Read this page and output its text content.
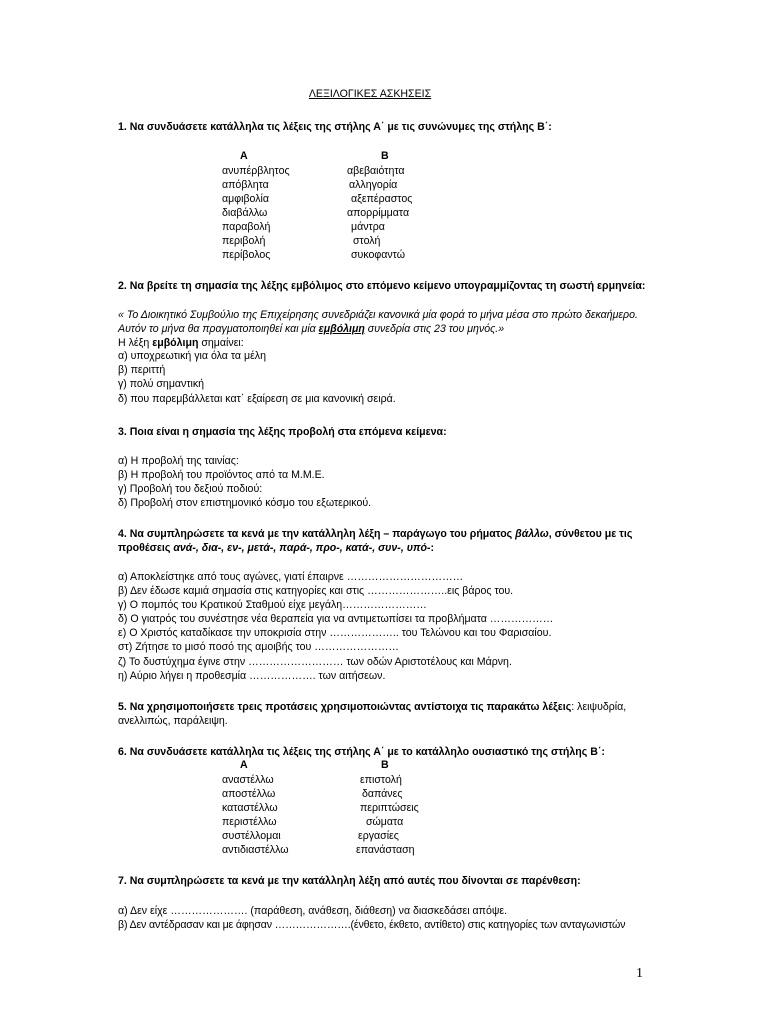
ΛΕΞΙΛΟΓΙΚΕΣ ΑΣΚΗΣΕΙΣ
1. Να συνδυάσετε κατάλληλα τις λέξεις της στήλης Α΄ με τις συνώνυμες της στήλης Β΄:
Α	Β
ανυπέρβλητος
απόβλητα
αμφιβολία
διαβάλλω
παραβολή
περιβολή
περίβολος
αβεβαιότητα
αλληγορία
αξεπέραστος
απορρίμματα
μάντρα
στολή
συκοφαντώ
2. Να βρείτε τη σημασία της λέξης εμβόλιμος στο επόμενο κείμενο υπογραμμίζοντας τη σωστή ερμηνεία:
« Το Διοικητικό Συμβούλιο της Επιχείρησης συνεδριάζει κανονικά μία φορά το μήνα μέσα στο πρώτο δεκαήμερο.
Αυτόν το μήνα θα πραγματοποιηθεί και μία εμβόλιμη συνεδρία στις 23 του μηνός.»
Η λέξη εμβόλιμη σημαίνει:
α) υποχρεωτική για όλα τα μέλη
β) περιττή
γ) πολύ σημαντική
δ) που παρεμβάλλεται κατ΄ εξαίρεση σε μια κανονική σειρά.
3. Ποια είναι η σημασία της λέξης προβολή στα επόμενα κείμενα:
α) Η προβολή της ταινίας:
β) Η προβολή του προϊόντος από τα Μ.Μ.Ε.
γ) Προβολή του δεξιού ποδιού:
δ) Προβολή στον επιστημονικό κόσμο του εξωτερικού.
4. Να συμπληρώσετε τα κενά με την κατάλληλη λέξη – παράγωγο του ρήματος βάλλω, σύνθετου με τις
προθέσεις ανά-, δια-, εν-, μετά-, παρά-, προ-, κατά-, συν-, υπό-:
α) Αποκλείστηκε από τους αγώνες, γιατί έπαιρνε ……………………………
β) Δεν έδωσε καμιά σημασία στις κατηγορίες και στις …………………..εις βάρος του.
γ) Ο πομπός του Κρατικού Σταθμού είχε μεγάλη……………………
δ) Ο γιατρός του συνέστησε νέα θεραπεία για να αντιμετωπίσει τα προβλήματα ………………
ε) Ο Χριστός καταδίκασε την υποκρισία στην ……………….. του Τελώνου και του Φαρισαίου.
στ) Ζήτησε το μισό ποσό της αμοιβής του ……………………
ζ) Το δυστύχημα έγινε στην ……………………… των οδών Αριστοτέλους και Μάρνη.
η) Αύριο λήγει η προθεσμία ………………. των αιτήσεων.
5. Να χρησιμοποιήσετε τρεις προτάσεις χρησιμοποιώντας αντίστοιχα τις παρακάτω λέξεις: λειψυδρία,
ανελλιπώς, παράλειψη.
6. Να συνδυάσετε κατάλληλα τις λέξεις της στήλης Α΄ με το κατάλληλο ουσιαστικό της στήλης Β΄:
Α	Β
αναστέλλω
αποστέλλω
καταστέλλω
περιστέλλω
συστέλλομαι
αντιδιαστέλλω
επιστολή
δαπάνες
περιπτώσεις
σώματα
εργασίες
επανάσταση
7. Να συμπληρώσετε τα κενά με την κατάλληλη λέξη από αυτές που δίνονται σε παρένθεση:
α) Δεν είχε …………………. (παράθεση, ανάθεση, διάθεση) να διασκεδάσει απόψε.
β) Δεν αντέδρασαν και με άφησαν ………………….(ένθετο, έκθετο, αντίθετο) στις κατηγορίες των ανταγωνιστών
1
